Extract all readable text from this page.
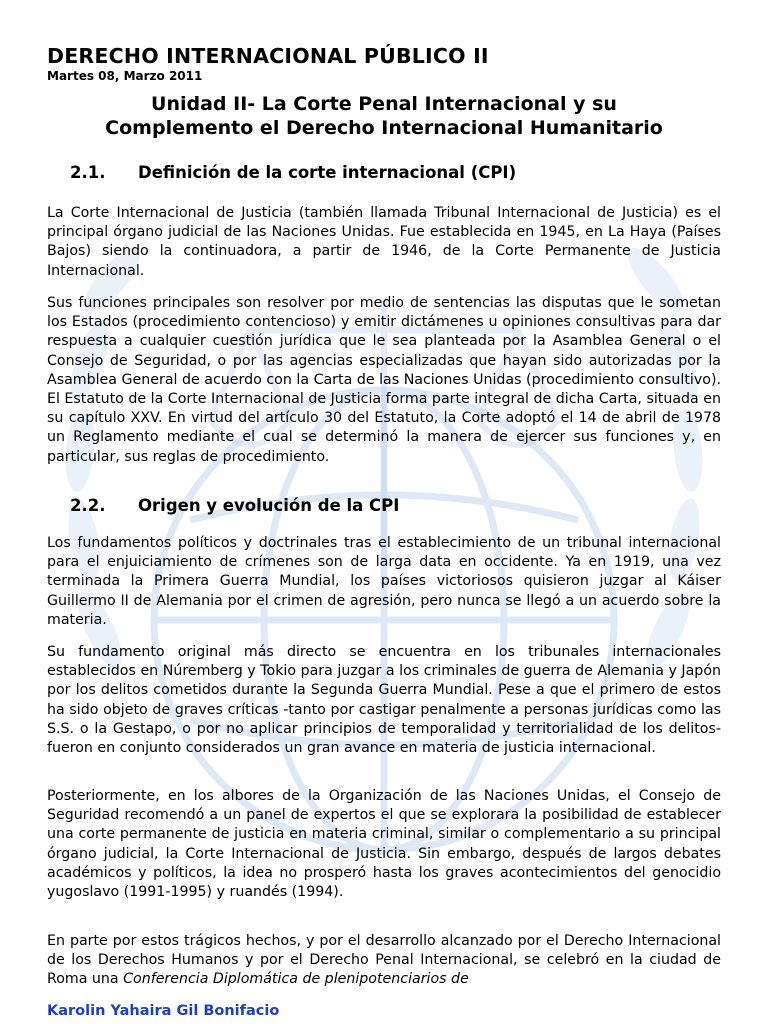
DERECHO INTERNACIONAL PÚBLICO II
Martes 08, Marzo 2011
Unidad II- La Corte Penal Internacional y su
Complemento el Derecho Internacional Humanitario
2.1. Definición de la corte internacional (CPI)

La Corte Internacional de Justicia (también llamada Tribunal Internacional de Justicia) es el principal órgano judicial de las Naciones Unidas. Fue establecida en 1945, en La Haya (Países Bajos) siendo la continuadora, a partir de 1946, de la Corte Permanente de Justicia Internacional.

Sus funciones principales son resolver por medio de sentencias las disputas que le sometan los Estados (procedimiento contencioso) y emitir dictámenes u opiniones consultivas para dar respuesta a cualquier cuestión jurídica que le sea planteada por la Asamblea General o el Consejo de Seguridad, o por las agencias especializadas que hayan sido autorizadas por la Asamblea General de acuerdo con la Carta de las Naciones Unidas (procedimiento consultivo). El Estatuto de la Corte Internacional de Justicia forma parte integral de dicha Carta, situada en su capítulo XXV. En virtud del artículo 30 del Estatuto, la Corte adoptó el 14 de abril de 1978 un Reglamento mediante el cual se determinó la manera de ejercer sus funciones y, en particular, sus reglas de procedimiento.

2.2. Origen y evolución de la CPI

Los fundamentos políticos y doctrinales tras el establecimiento de un tribunal internacional para el enjuiciamiento de crímenes son de larga data en occidente. Ya en 1919, una vez terminada la Primera Guerra Mundial, los países victoriosos quisieron juzgar al Káiser Guillermo II de Alemania por el crimen de agresión, pero nunca se llegó a un acuerdo sobre la materia.

Su fundamento original más directo se encuentra en los tribunales internacionales establecidos en Núremberg y Tokio para juzgar a los criminales de guerra de Alemania y Japón por los delitos cometidos durante la Segunda Guerra Mundial. Pese a que el primero de estos ha sido objeto de graves críticas -tanto por castigar penalmente a personas jurídicas como las S.S. o la Gestapo, o por no aplicar principios de temporalidad y territorialidad de los delitos- fueron en conjunto considerados un gran avance en materia de justicia internacional.

Posteriormente, en los albores de la Organización de las Naciones Unidas, el Consejo de Seguridad recomendó a un panel de expertos el que se explorara la posibilidad de establecer una corte permanente de justicia en materia criminal, similar o complementario a su principal órgano judicial, la Corte Internacional de Justicia. Sin embargo, después de largos debates académicos y políticos, la idea no prosperó hasta los graves acontecimientos del genocidio yugoslavo (1991-1995) y ruandés (1994).

En parte por estos trágicos hechos, y por el desarrollo alcanzado por el Derecho Internacional de los Derechos Humanos y por el Derecho Penal Internacional, se celebró en la ciudad de Roma una Conferencia Diplomática de plenipotenciarios de

Karolin Yahaira Gil Bonifacio
